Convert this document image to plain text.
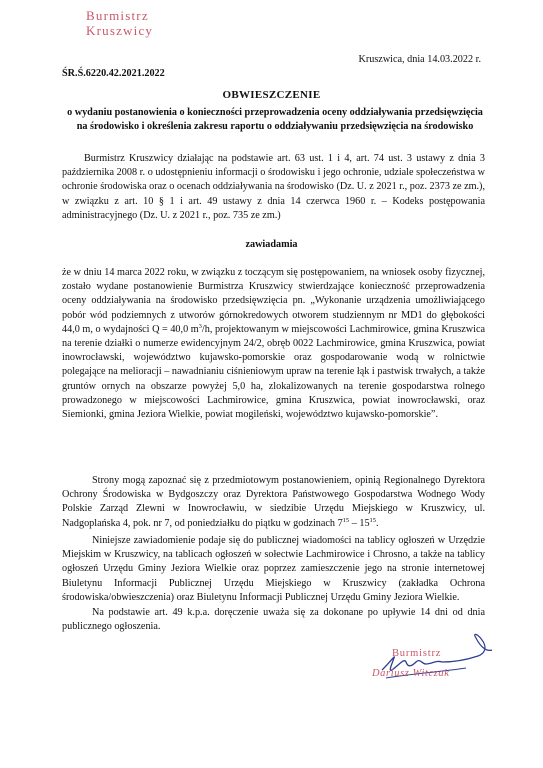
Burmistrz
Kruszwicy
Kruszwica, dnia 14.03.2022 r.
ŚR.Ś.6220.42.2021.2022
OBWIESZCZENIE
o wydaniu postanowienia o konieczności przeprowadzenia oceny oddziaływania przedsięwzięcia na środowisko i określenia zakresu raportu o oddziaływaniu przedsięwzięcia na środowisko
Burmistrz Kruszwicy działając na podstawie art. 63 ust. 1 i 4, art. 74 ust. 3 ustawy z dnia 3 października 2008 r. o udostępnieniu informacji o środowisku i jego ochronie, udziale społeczeństwa w ochronie środowiska oraz o ocenach oddziaływania na środowisko (Dz. U. z 2021 r., poz. 2373 ze zm.), w związku z art. 10 § 1 i art. 49 ustawy z dnia 14 czerwca 1960 r. – Kodeks postępowania administracyjnego (Dz. U. z 2021 r., poz. 735 ze zm.)
zawiadamia
że w dniu 14 marca 2022 roku, w związku z toczącym się postępowaniem, na wniosek osoby fizycznej, zostało wydane postanowienie Burmistrza Kruszwicy stwierdzające konieczność przeprowadzenia oceny oddziaływania na środowisko przedsięwzięcia pn. „Wykonanie urządzenia umożliwiającego pobór wód podziemnych z utworów górnokredowych otworem studziennym nr MD1 do głębokości 44,0 m, o wydajności Q = 40,0 $m^3/h$, projektowanym w miejscowości Lachmirowice, gmina Kruszwica na terenie działki o numerze ewidencyjnym 24/2, obręb 0022 Lachmirowice, gmina Kruszwica, powiat inowrocławski, województwo kujawsko-pomorskie oraz gospodarowanie wodą w rolnictwie polegające na melioracji – nawadnianiu ciśnieniowym upraw na terenie łąk i pastwisk trwałych, a także gruntów ornych na obszarze powyżej 5,0 ha, zlokalizowanych na terenie gospodarstwa rolnego prowadzonego w miejscowości Lachmirowice, gmina Kruszwica, powiat inowrocławski, oraz Siemionki, gmina Jeziora Wielkie, powiat mogileński, województwo kujawsko-pomorskie”.
Strony mogą zapoznać się z przedmiotowym postanowieniem, opinią Regionalnego Dyrektora Ochrony Środowiska w Bydgoszczy oraz Dyrektora Państwowego Gospodarstwa Wodnego Wody Polskie Zarząd Zlewni w Inowrocławiu, w siedzibie Urzędu Miejskiego w Kruszwicy, ul. Nadgoplańska 4, pok. nr 7, od poniedziałku do piątku w godzinach $7^{15} - 15^{15}$.
Niniejsze zawiadomienie podaje się do publicznej wiadomości na tablicy ogłoszeń w Urzędzie Miejskim w Kruszwicy, na tablicach ogłoszeń w sołectwie Lachmirowice i Chrosno, a także na tablicy ogłoszeń Urzędu Gminy Jeziora Wielkie oraz poprzez zamieszczenie jego na stronie internetowej Biuletynu Informacji Publicznej Urzędu Miejskiego w Kruszwicy (zakładka Ochrona środowiska/obwieszczenia) oraz Biuletynu Informacji Publicznej Urzędu Gminy Jeziora Wielkie.
Na podstawie art. 49 k.p.a. doręczenie uważa się za dokonane po upływie 14 dni od dnia publicznego ogłoszenia.
Burmistrz
Dariusz Witczak
